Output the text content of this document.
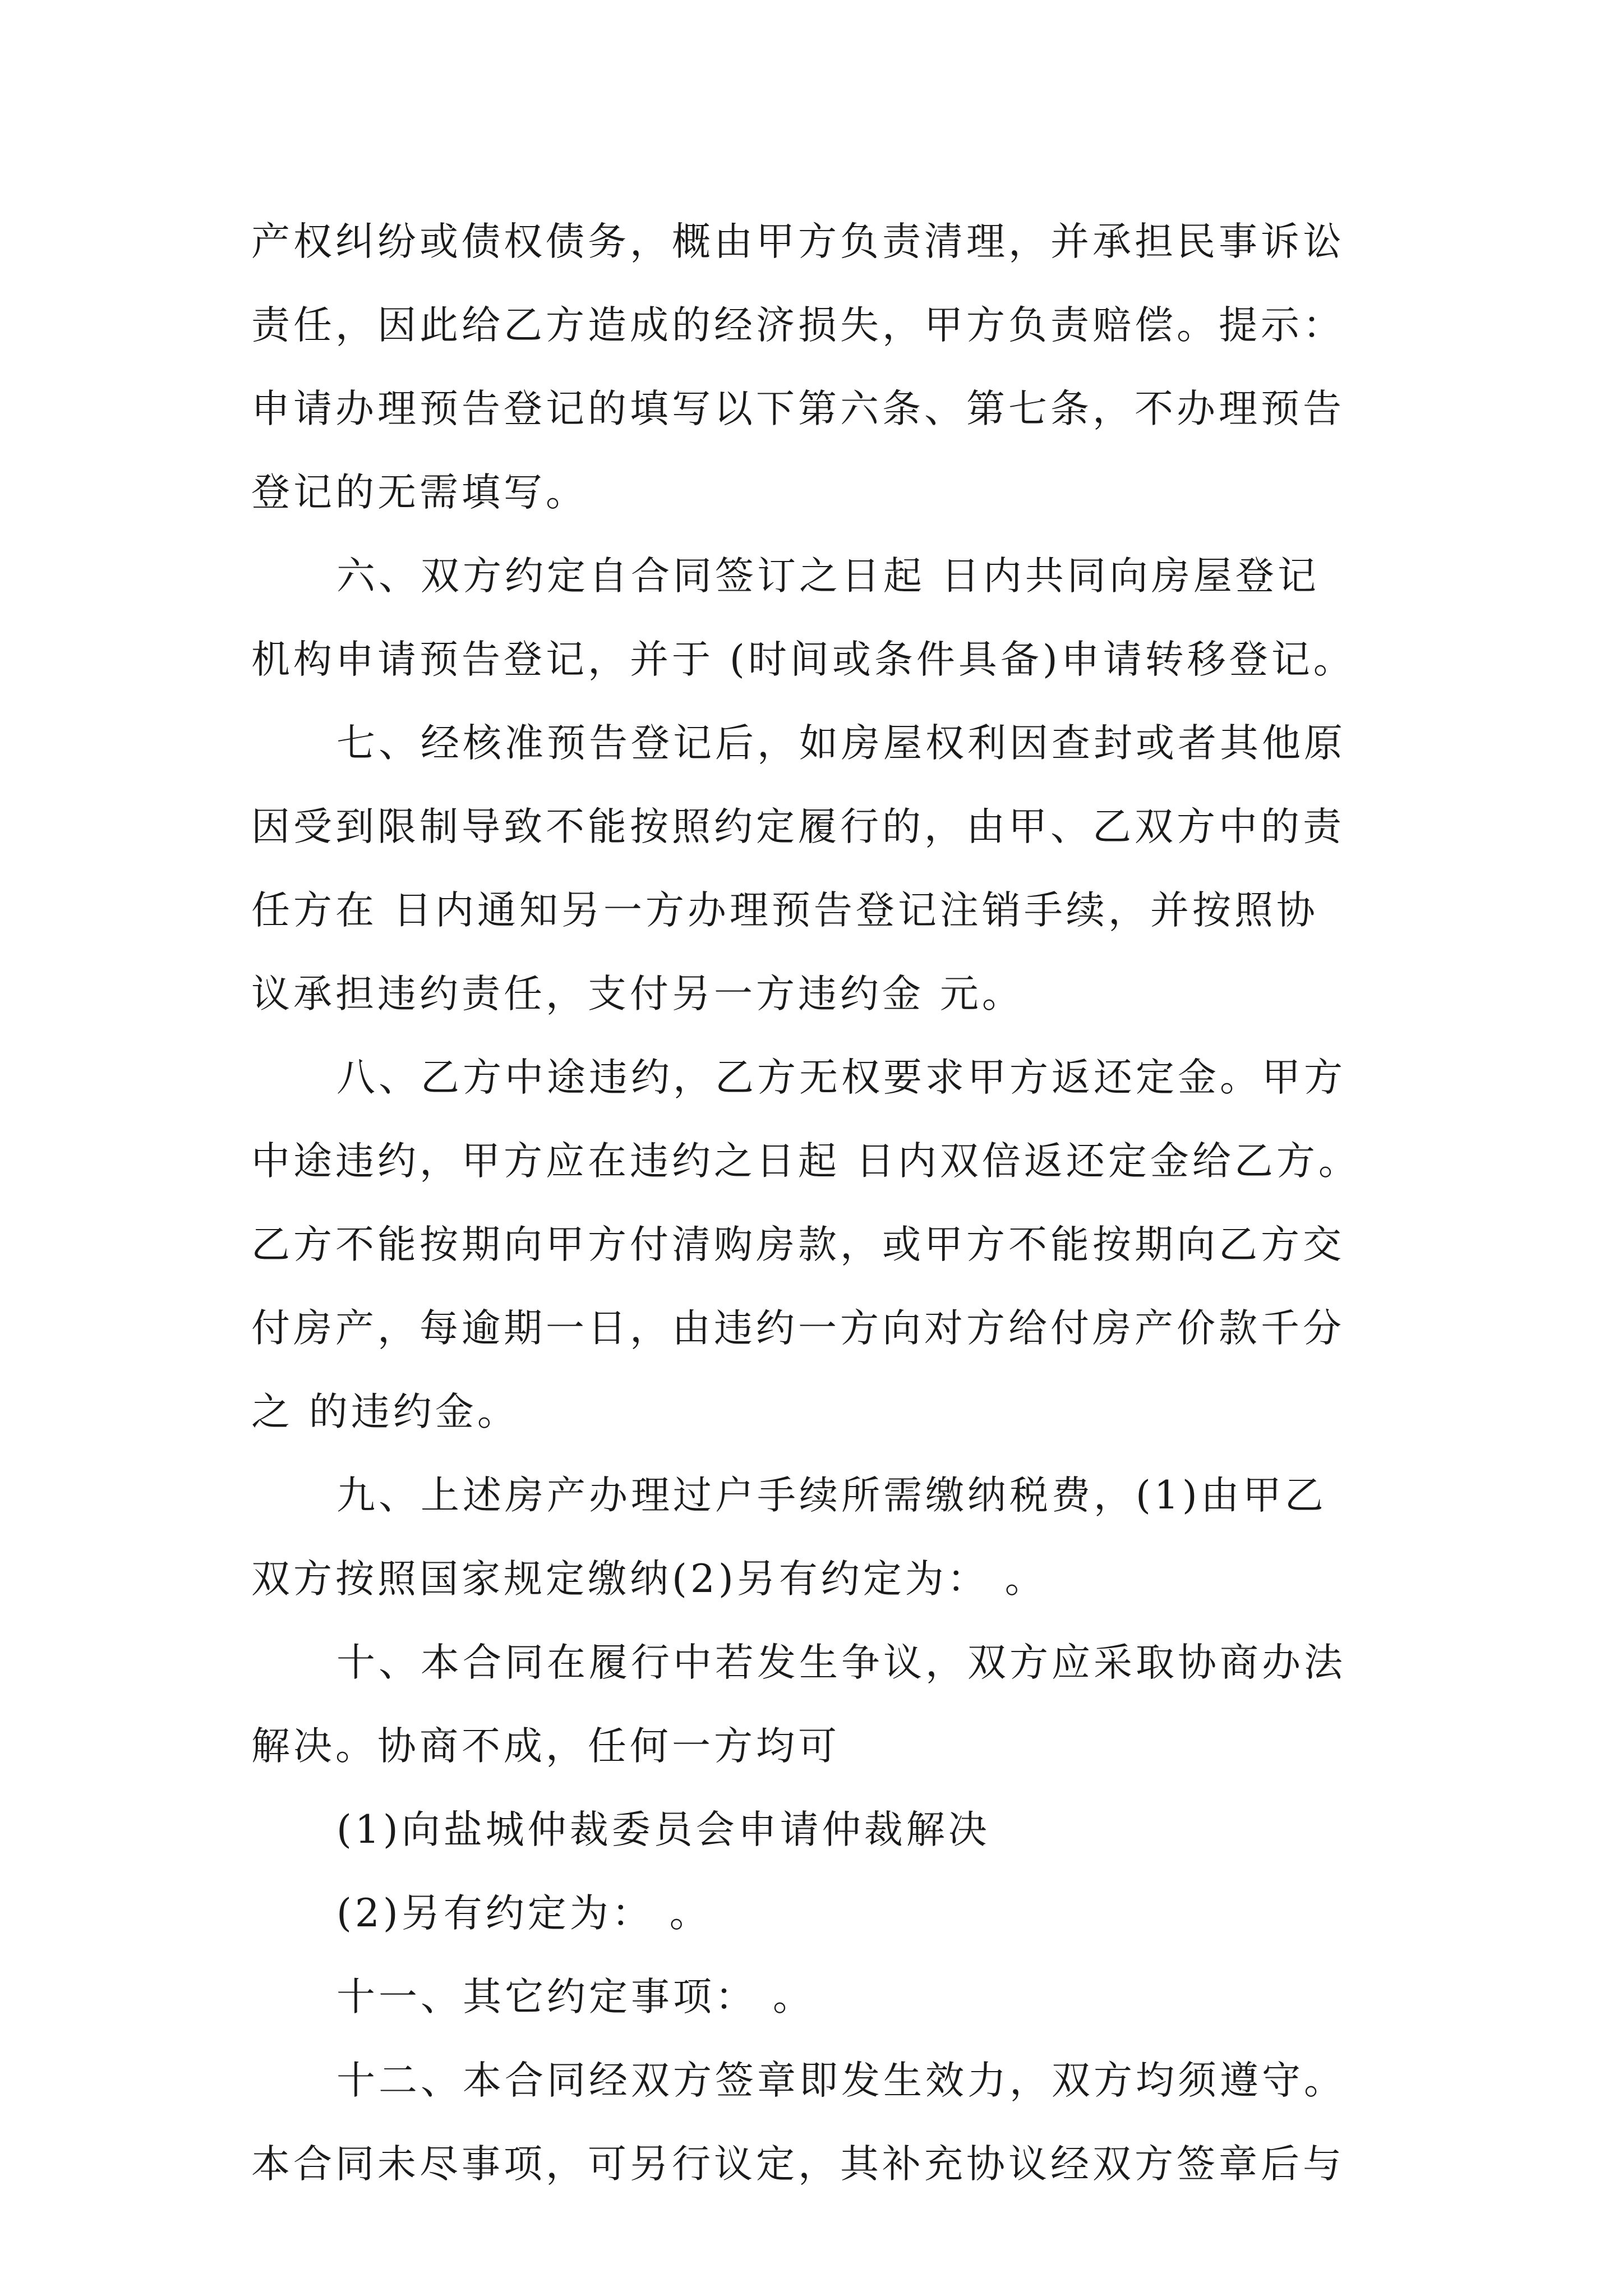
产权纠纷或债权债务，概由甲方负责清理，并承担民事诉讼
责任，因此给乙方造成的经济损失，甲方负责赔偿。提示：
申请办理预告登记的填写以下第六条、第七条，不办理预告
登记的无需填写。
六、双方约定自合同签订之日起 日内共同向房屋登记
机构申请预告登记，并于 (时间或条件具备)申请转移登记。
七、经核准预告登记后，如房屋权利因查封或者其他原
因受到限制导致不能按照约定履行的，由甲、乙双方中的责
任方在 日内通知另一方办理预告登记注销手续，并按照协
议承担违约责任，支付另一方违约金 元。
八、乙方中途违约，乙方无权要求甲方返还定金。甲方
中途违约，甲方应在违约之日起 日内双倍返还定金给乙方。
乙方不能按期向甲方付清购房款，或甲方不能按期向乙方交
付房产，每逾期一日，由违约一方向对方给付房产价款千分
之 的违约金。
九、上述房产办理过户手续所需缴纳税费，(1)由甲乙
双方按照国家规定缴纳(2)另有约定为： 。
十、本合同在履行中若发生争议，双方应采取协商办法
解决。协商不成，任何一方均可
(1)向盐城仲裁委员会申请仲裁解决
(2)另有约定为： 。
十一、其它约定事项： 。
十二、本合同经双方签章即发生效力，双方均须遵守。
本合同未尽事项，可另行议定，其补充协议经双方签章后与
